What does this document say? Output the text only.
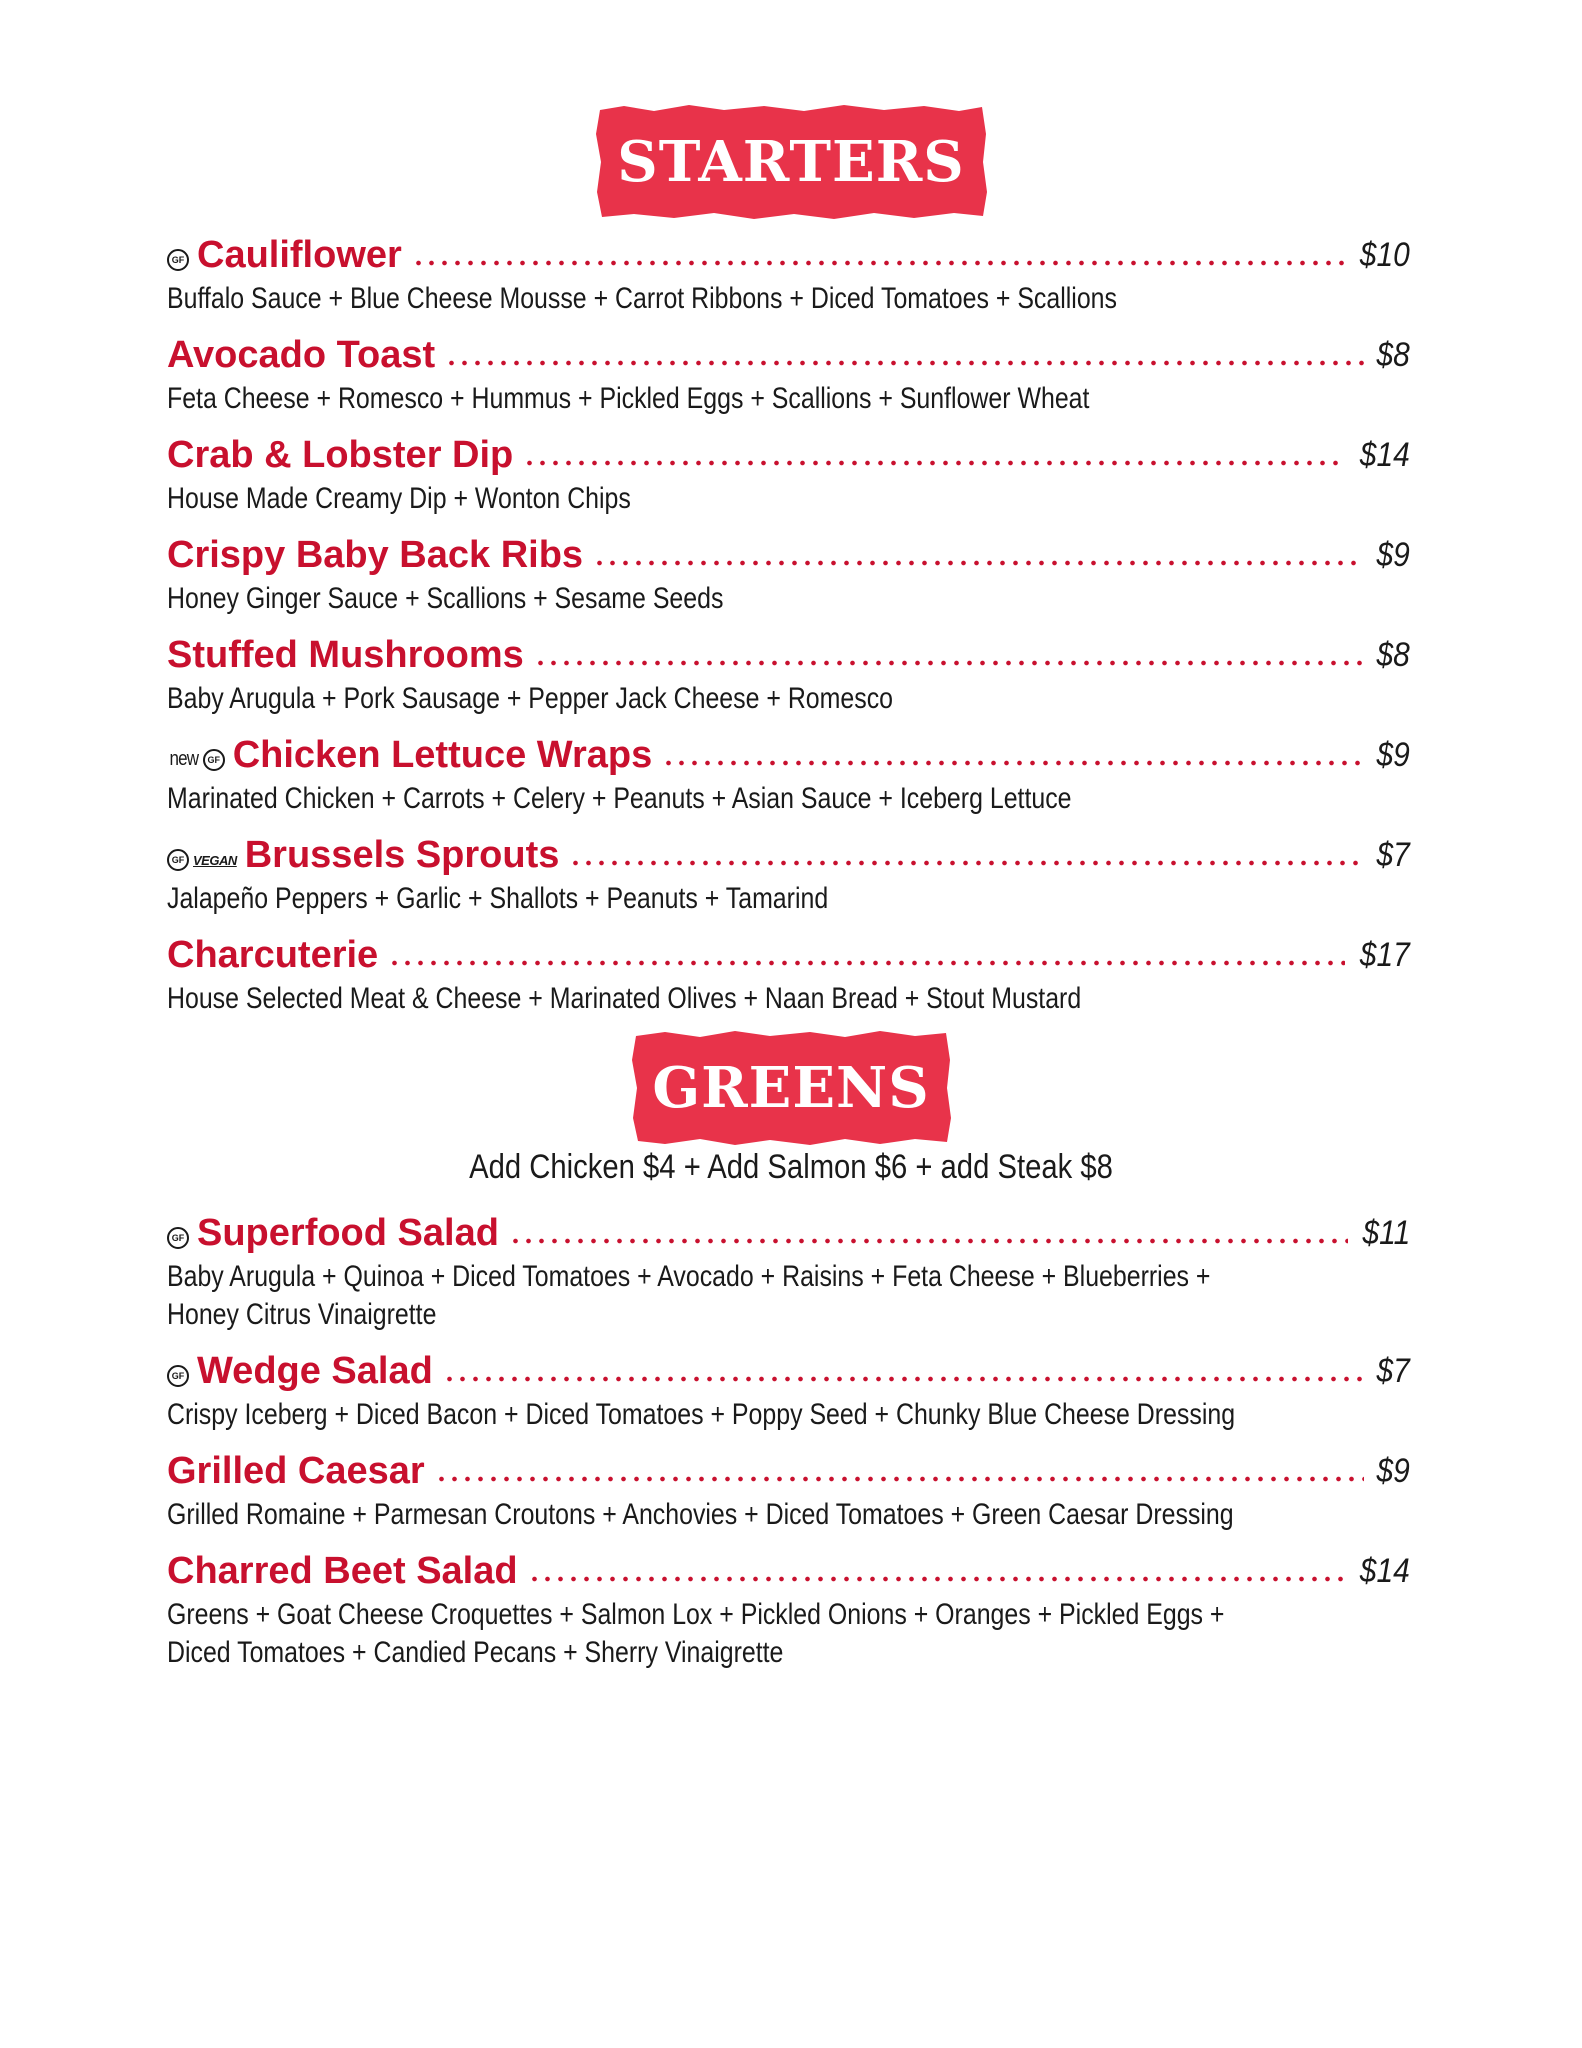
STARTERS
GF Cauliflower	$10
Buffalo Sauce + Blue Cheese Mousse + Carrot Ribbons + Diced Tomatoes + Scallions
Avocado Toast	$8
Feta Cheese + Romesco + Hummus + Pickled Eggs + Scallions + Sunflower Wheat
Crab & Lobster Dip	$14
House Made Creamy Dip + Wonton Chips
Crispy Baby Back Ribs	$9
Honey Ginger Sauce + Scallions + Sesame Seeds
Stuffed Mushrooms	$8
Baby Arugula + Pork Sausage + Pepper Jack Cheese + Romesco
new	GF Chicken Lettuce Wraps	$9
Marinated Chicken + Carrots + Celery + Peanuts + Asian Sauce + Iceberg Lettuce
GF VEGAN Brussels Sprouts	$7
Jalapeño Peppers + Garlic + Shallots + Peanuts + Tamarind
Charcuterie	$17
House Selected Meat & Cheese + Marinated Olives + Naan Bread + Stout Mustard
GREENS
Add Chicken $4 + Add Salmon $6 + add Steak $8
GF Superfood Salad	$11
Baby Arugula + Quinoa + Diced Tomatoes + Avocado + Raisins + Feta Cheese + Blueberries +
Honey Citrus Vinaigrette
GF Wedge Salad	$7
Crispy Iceberg + Diced Bacon + Diced Tomatoes + Poppy Seed + Chunky Blue Cheese Dressing
Grilled Caesar	$9
Grilled Romaine + Parmesan Croutons + Anchovies + Diced Tomatoes + Green Caesar Dressing
Charred Beet Salad	$14
Greens + Goat Cheese Croquettes + Salmon Lox + Pickled Onions + Oranges + Pickled Eggs +
Diced Tomatoes + Candied Pecans + Sherry Vinaigrette
